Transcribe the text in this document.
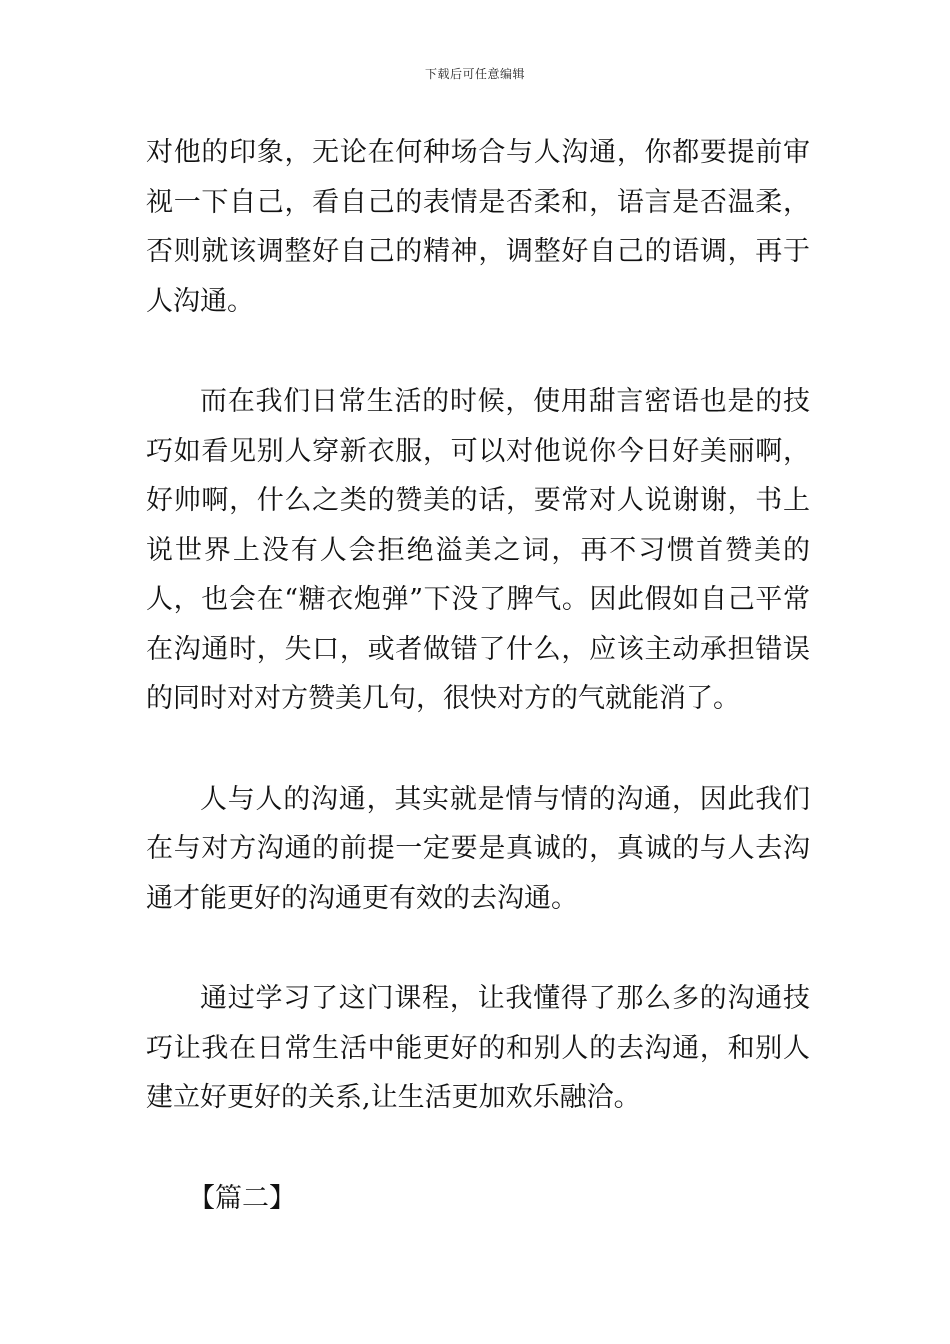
下载后可任意编辑

对他的印象，无论在何种场合与人沟通，你都要提前审视一下自己，看自己的表情是否柔和，语言是否温柔，否则就该调整好自己的精神，调整好自己的语调，再于人沟通。

而在我们日常生活的时候，使用甜言密语也是的技巧如看见别人穿新衣服，可以对他说你今日好美丽啊，好帅啊，什么之类的赞美的话，要常对人说谢谢，书上说世界上没有人会拒绝溢美之词，再不习惯首赞美的人，也会在“糖衣炮弹”下没了脾气。因此假如自己平常在沟通时，失口，或者做错了什么，应该主动承担错误的同时对对方赞美几句，很快对方的气就能消了。

人与人的沟通，其实就是情与情的沟通，因此我们在与对方沟通的前提一定要是真诚的，真诚的与人去沟通才能更好的沟通更有效的去沟通。

通过学习了这门课程，让我懂得了那么多的沟通技巧让我在日常生活中能更好的和别人的去沟通，和别人建立好更好的关系,让生活更加欢乐融洽。

【篇二】
